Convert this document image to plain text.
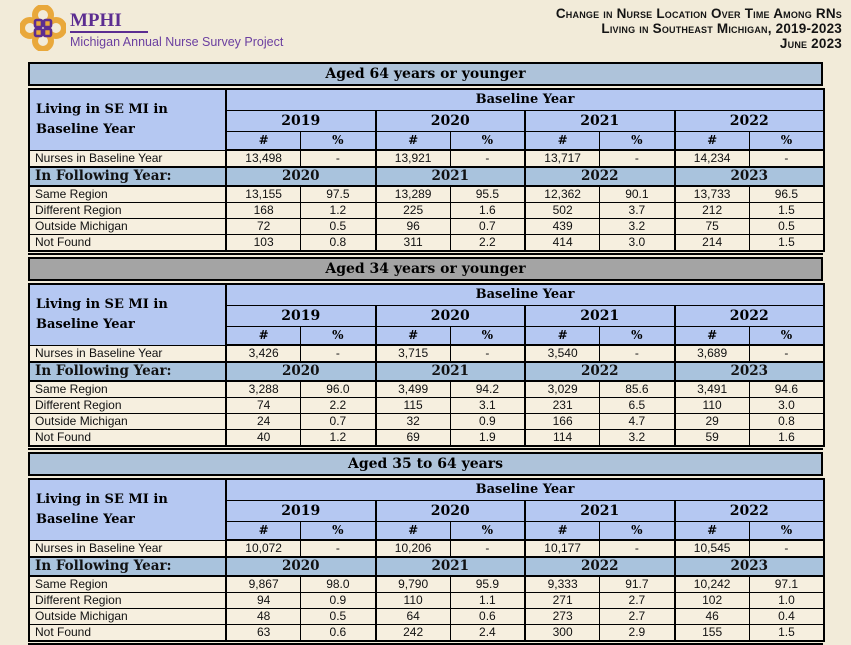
MPHI
Michigan Annual Nurse Survey Project
Change in Nurse Location Over Time Among RNs
Living in Southeast Michigan, 2019-2023
June 2023
Aged 64 years or younger
Living in SE MI in Baseline Year	Baseline Year							
	2019		2020		2021		2022	
	#	%	#	%	#	%	#	%
Nurses in Baseline Year	13,498	-	13,921	-	13,717	-	14,234	-
In Following Year:	2020		2021		2022		2023	
Same Region	13,155	97.5	13,289	95.5	12,362	90.1	13,733	96.5
Different Region	168	1.2	225	1.6	502	3.7	212	1.5
Outside Michigan	72	0.5	96	0.7	439	3.2	75	0.5
Not Found	103	0.8	311	2.2	414	3.0	214	1.5
Aged 34 years or younger
Living in SE MI in Baseline Year	Baseline Year							
	2019		2020		2021		2022	
	#	%	#	%	#	%	#	%
Nurses in Baseline Year	3,426	-	3,715	-	3,540	-	3,689	-
In Following Year:	2020		2021		2022		2023	
Same Region	3,288	96.0	3,499	94.2	3,029	85.6	3,491	94.6
Different Region	74	2.2	115	3.1	231	6.5	110	3.0
Outside Michigan	24	0.7	32	0.9	166	4.7	29	0.8
Not Found	40	1.2	69	1.9	114	3.2	59	1.6
Aged 35 to 64 years
Living in SE MI in Baseline Year	Baseline Year							
	2019		2020		2021		2022	
	#	%	#	%	#	%	#	%
Nurses in Baseline Year	10,072	-	10,206	-	10,177	-	10,545	-
In Following Year:	2020		2021		2022		2023	
Same Region	9,867	98.0	9,790	95.9	9,333	91.7	10,242	97.1
Different Region	94	0.9	110	1.1	271	2.7	102	1.0
Outside Michigan	48	0.5	64	0.6	273	2.7	46	0.4
Not Found	63	0.6	242	2.4	300	2.9	155	1.5
